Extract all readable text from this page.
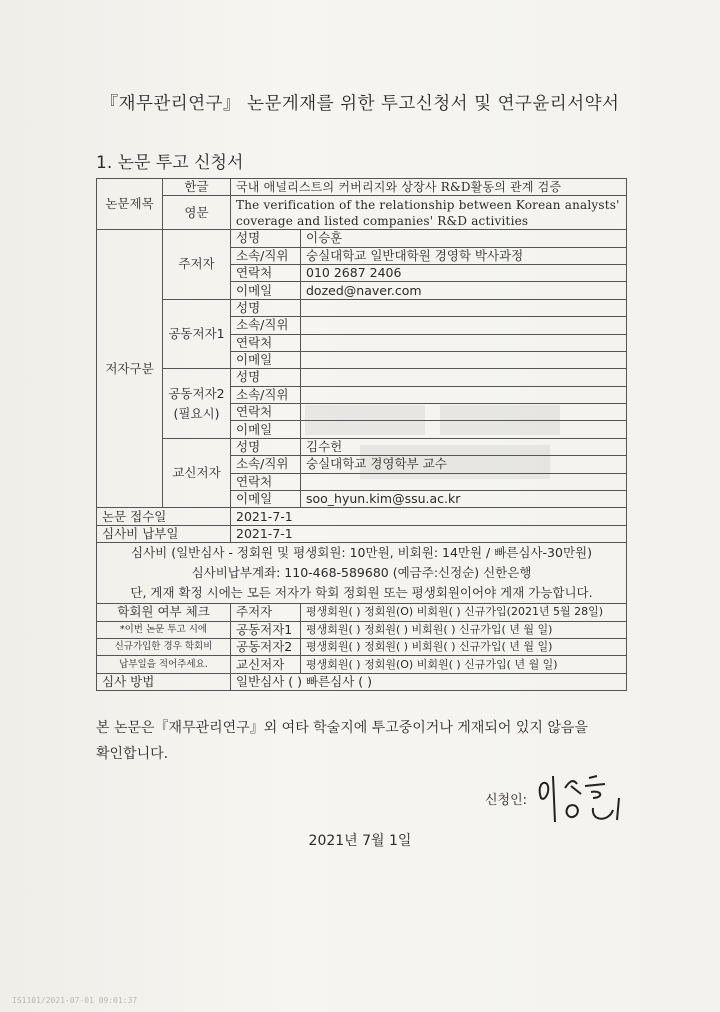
『재무관리연구』 논문게재를 위한 투고신청서 및 연구윤리서약서
1. 논문 투고 신청서
논문제목	한글	국내 애널리스트의 커버리지와 상장사 R&D활동의 관계 검증	
	영문	The verification of the relationship between Korean analysts'	
		coverage and listed companies' R&D activities	
저자구분	주저자	성명	이승훈
		소속/직위	숭실대학교 일반대학원 경영학 박사과정
		연락처	010 2687 2406
		이메일	dozed@naver.com
	공동저자1	성명	
		소속/직위	
		연락처	
		이메일	
	공동저자2
(필요시)	성명	
		소속/직위	
		연락처	
		이메일	
	교신저자	성명	김수헌
		소속/직위	숭실대학교 경영학부 교수
		연락처	
		이메일	soo_hyun.kim@ssu.ac.kr
논문 접수일		2021-7-1	
심사비 납부일		2021-7-1	
심사비 (일반심사 - 정회원 및 평생회원: 10만원, 비회원: 14만원 / 빠른심사-30만원)			
심사비납부계좌: 110-468-589680 (예금주:신정순) 신한은행			
단, 게재 확정 시에는 모든 저자가 학회 정회원 또는 평생회원이어야 게재 가능합니다.			
학회원 여부 체크		주저자	평생회원( ) 정회원(O) 비회원( ) 신규가입(2021년 5월 28일)
*이번 논문 투고 시에		공동저자1	평생회원( ) 정회원( ) 비회원( ) 신규가입( 년 월 일)
신규가입한 경우 학회비		공동저자2	평생회원( ) 정회원( ) 비회원( ) 신규가입( 년 월 일)
납부일을 적어주세요.		교신저자	평생회원( ) 정회원(O) 비회원( ) 신규가입( 년 월 일)
심사 방법		일반심사 ( ) 빠른심사 ( )	
본 논문은『재무관리연구』외 여타 학술지에 투고중이거나 게재되어 있지 않음을
확인합니다.
신청인:
2021년 7월 1일
IS1101/2021-07-01 09:01:37
